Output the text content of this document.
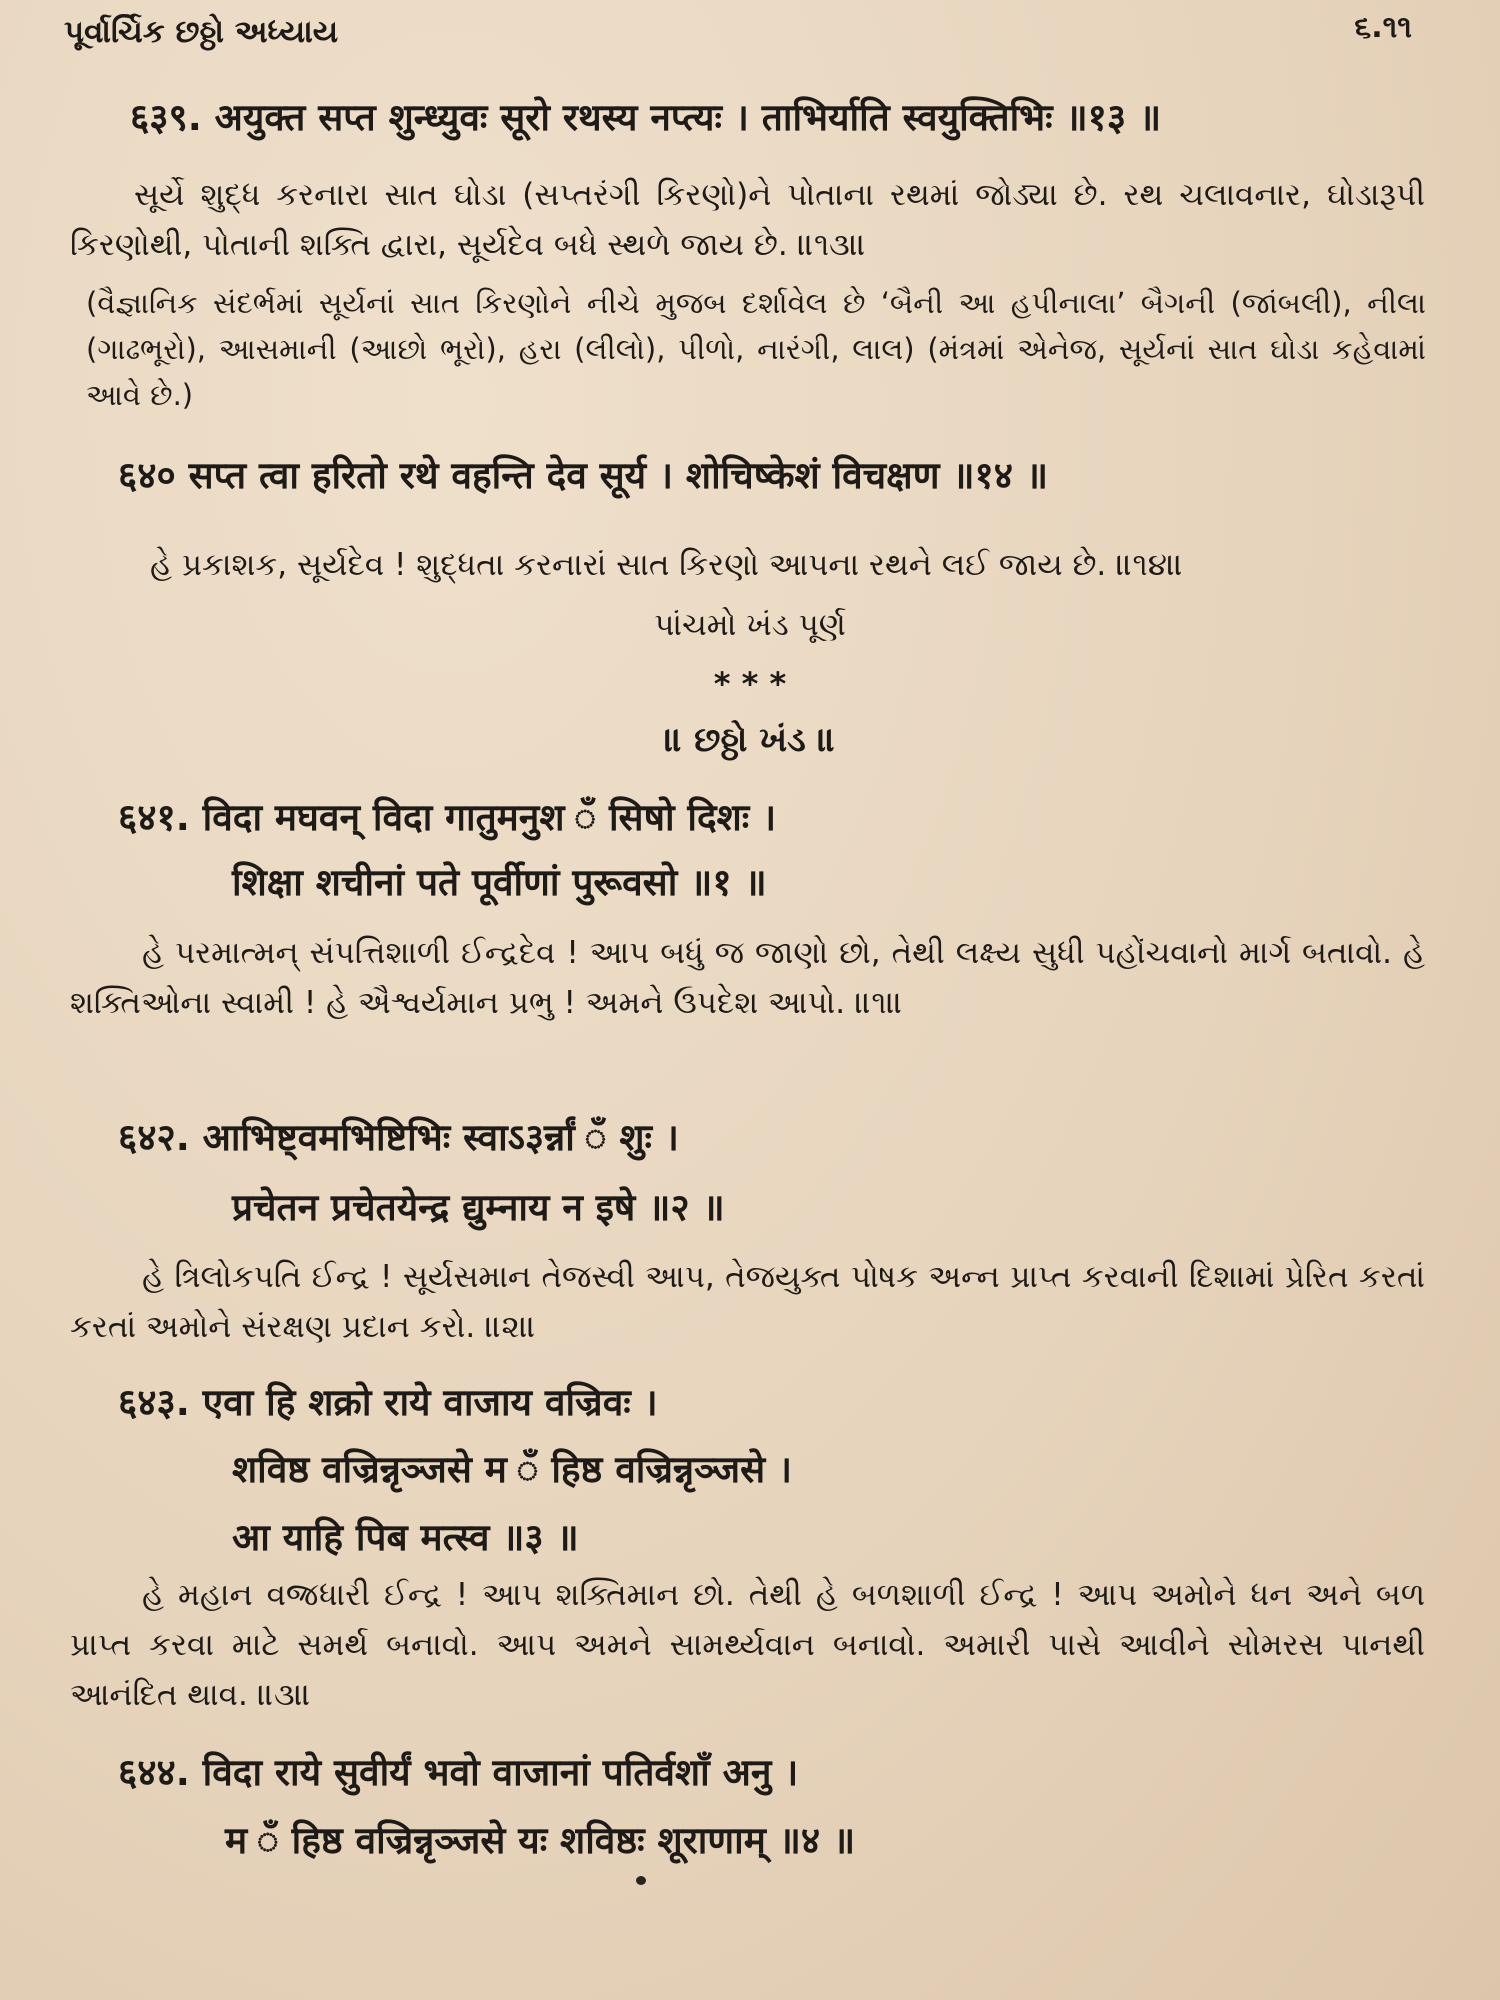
પૂર્વાર્ચિક છઠ્ઠો અધ્યાય	૬.૧૧
६३९. अयुक्त सप्त शुन्ध्युवः सूरो रथस्य नप्त्यः । ताभिर्याति स्वयुक्तिभिः ॥१३ ॥
સૂર્યે શુદ્ધ કરનારા સાત ઘોડા (સપ્તરંગી કિરણો)ને પોતાના રથમાં જોડ્યા છે. રથ ચલાવનાર, ઘોડારૂપી કિરણોથી, પોતાની શક્તિ દ્વારા, સૂર્યદેવ બધે સ્થળે જાય છે. ॥૧૩॥
(વૈજ્ઞાનિક સંદર્ભમાં સૂર્યનાં સાત કિરણોને નીચે મુજબ દર્શાવેલ છે ‘બૈની આ હપીનાલા’ બૈગની (જાંબલી), નીલા (ગાઢભૂરો), આસમાની (આછો ભૂરો), હરા (લીલો), પીળો, નારંગી, લાલ) (મંત્રમાં એનેજ, સૂર્યનાં સાત ઘોડા કહેવામાં આવે ‍છે.)
६४० सप्त त्वा हरितो रथे वहन्ति देव सूर्य । शोचिष्केशं विचक्षण ॥१४ ॥
હે પ્રકાશક, સૂર્યદેવ ! શુદ્ધતા કરનારાં સાત કિરણો આપના રથને લઈ જાય છે. ॥૧૪॥
પાંચમો ખંડ પૂર્ણ
* * *
॥ છઠ્ઠો ખંડ ॥
६४१. विदा मघवन् विदा गातुमनुश ँ सिषो दिशः ।
शिक्षा शचीनां पते पूर्वीणां पुरूवसो ॥१ ॥
હે પરમાત્મન્ સંપત્તિશાળી ઈન્દ્રદેવ ! આપ બધું જ જાણો છો, તેથી લક્ષ્ય સુધી પહોંચવાનો માર્ગ બતાવો. હે શક્તિઓના સ્વામી ! હે ઐશ્વર્યમાન પ્રભુ ! અમને ઉપદેશ આપો. ॥૧॥
६४२. आभिष्ट्वमभिष्टिभिः स्वाऽ३र्न्नां ँ शुः ।
प्रचेतन प्रचेतयेन्द्र द्युम्नाय न इषे ॥२ ॥
હે ત્રિલોકપતિ ઈન્દ્ર ! સૂર્યસમાન તેજસ્વી આપ, તેજયુક્ત પોષક અન્ન પ્રાપ્ત કરવાની દિશામાં પ્રેરિત કરતાં કરતાં અમોને સંરક્ષણ પ્રદાન કરો. ॥૨॥
६४३. एवा हि शक्रो राये वाजाय वज्रिवः ।
शविष्ठ वज्रिन्नृञ्जसे म ँ हिष्ठ वज्रिन्नृञ्जसे ।
आ याहि पिब मत्स्व ॥३ ॥
હે મહાન વજ્રધારી ઈન્દ્ર ! આપ શક્તિમાન છો. તેથી હે બળશાળી ઈન્દ્ર ! આપ અમોને ધન અને બળ પ્રાપ્ત કરવા માટે સમર્થ બનાવો. આપ અમને સામર્થ્યવાન બનાવો. અમારી પાસે આવીને સોમરસ પાનથી આનંદિત થાવ. ॥૩॥
६४४. विदा राये सुवीर्यं भवो वाजानां पतिर्वशाँ अनु ।
म ँ हिष्ठ वज्रिन्नृञ्जसे यः शविष्ठः शूराणाम् ॥४ ॥
